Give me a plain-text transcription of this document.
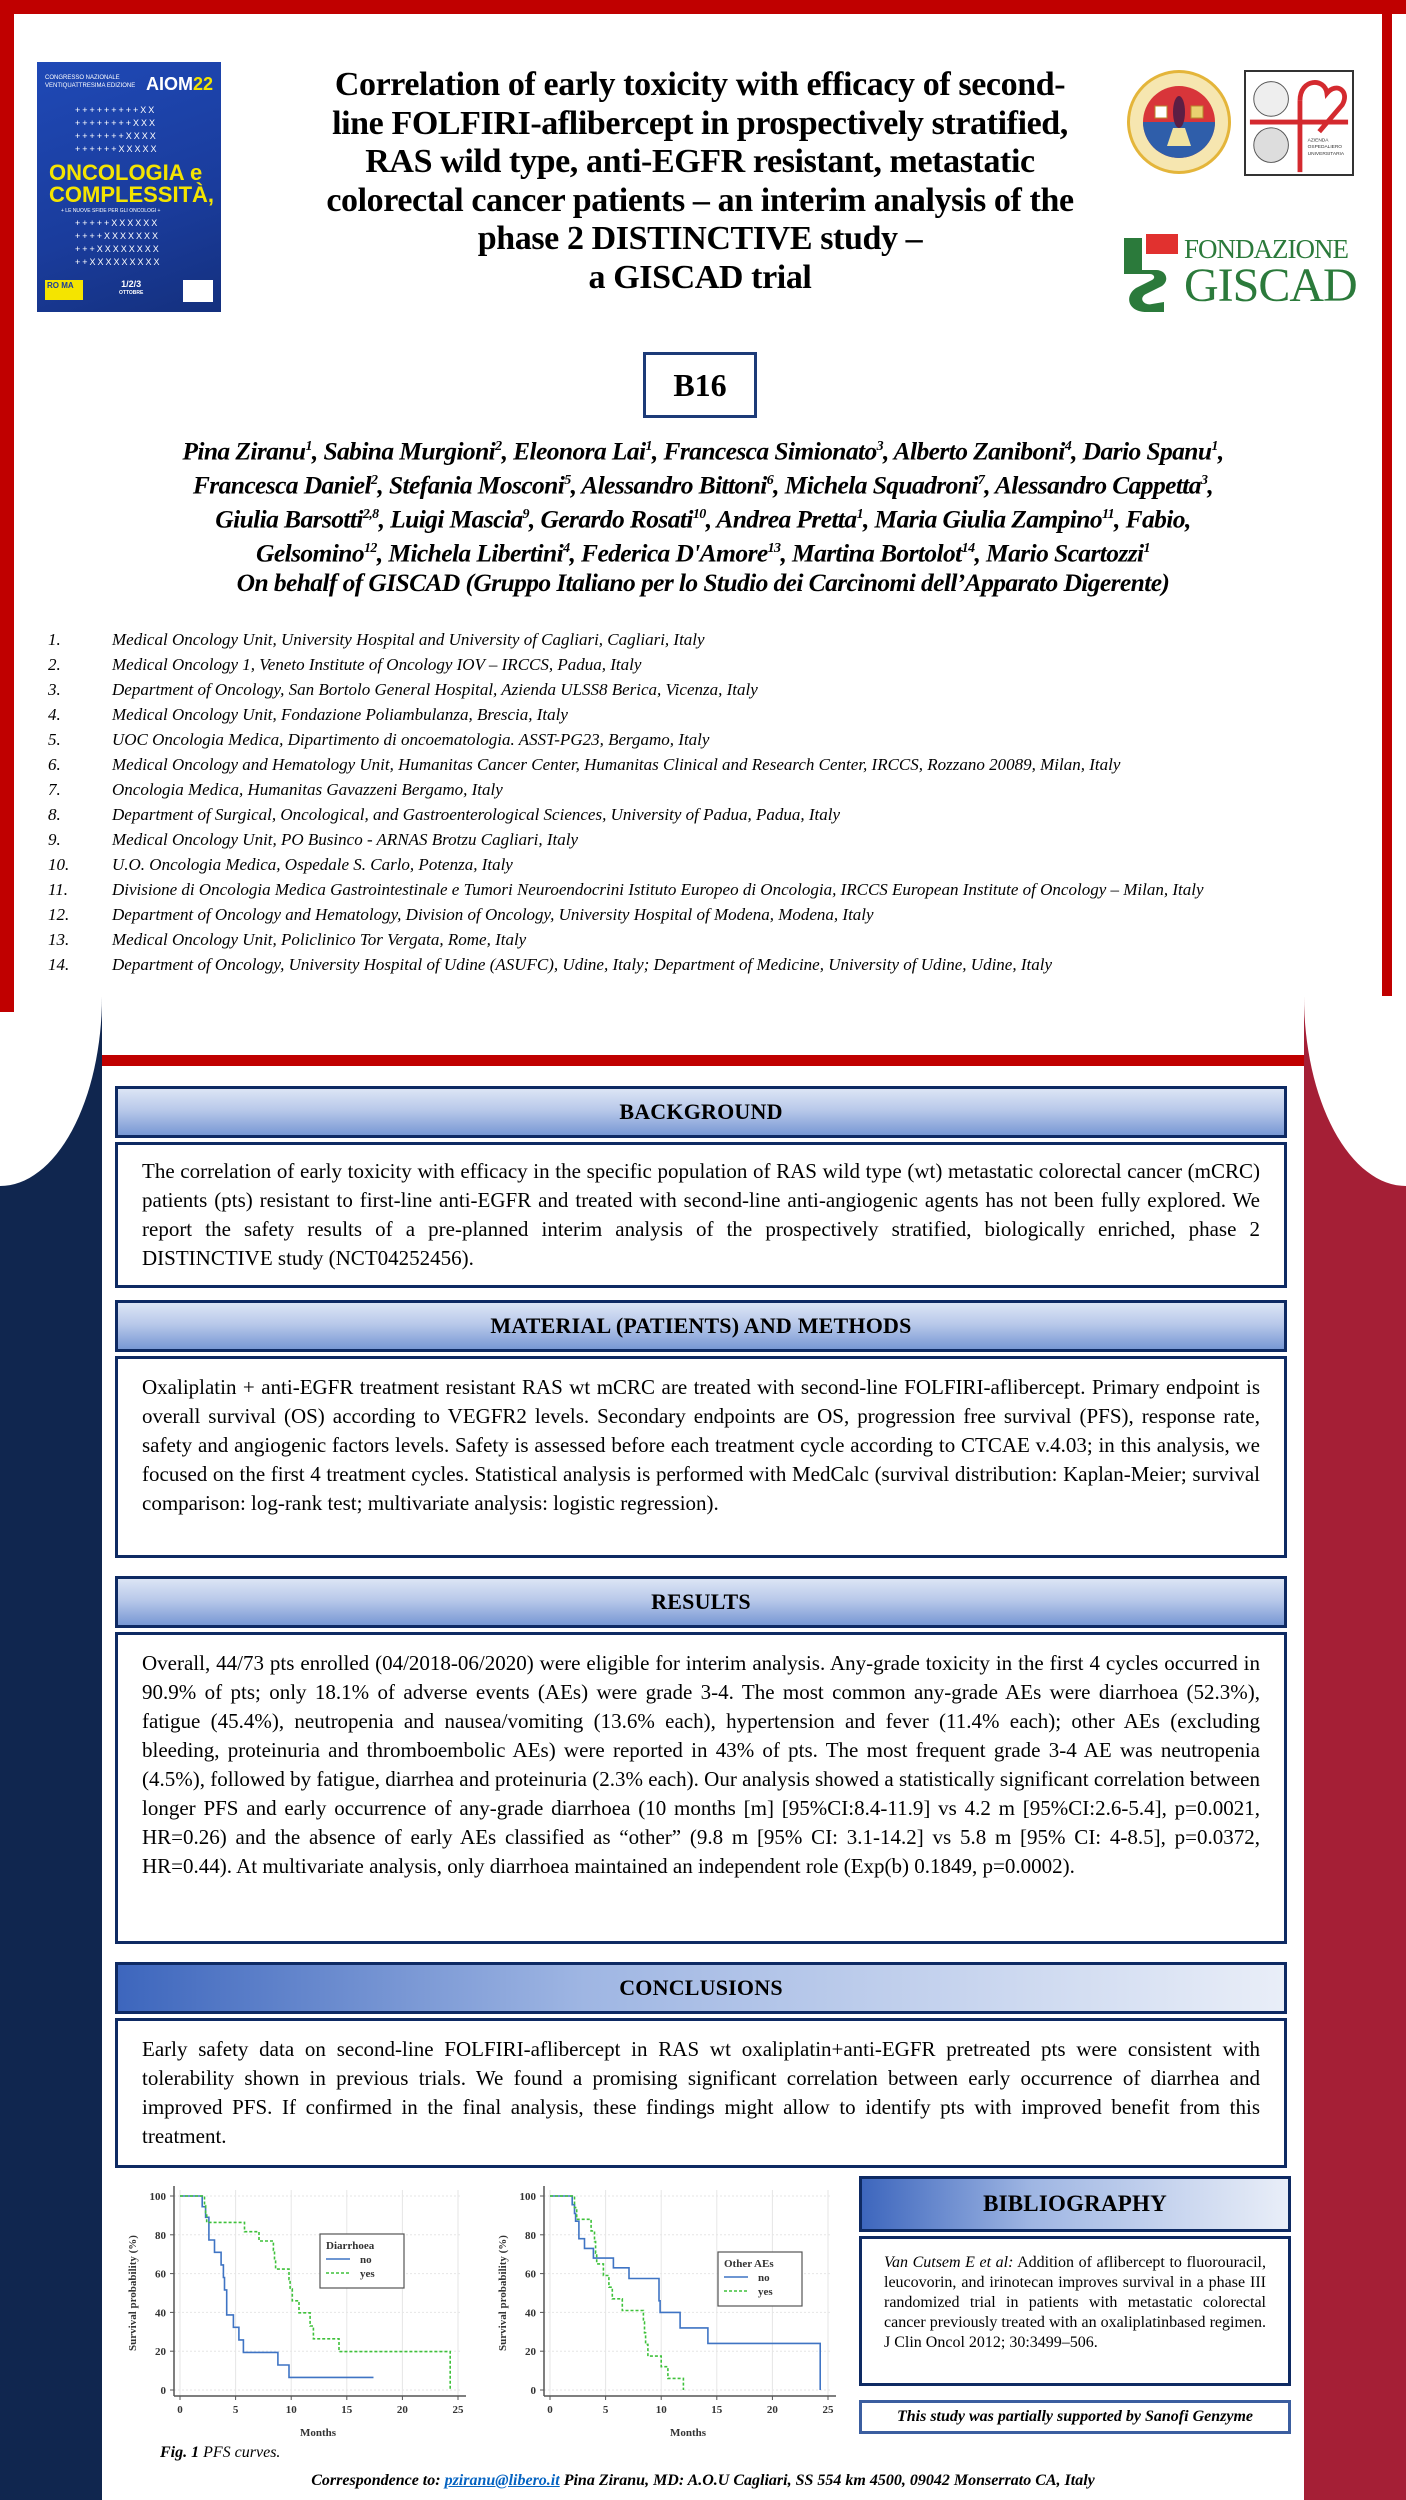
CONGRESSO NAZIONALE
VENTIQUATTRESIMA EDIZIONE AIOM22
+++++++++XX
++++++++XXX
+++++++XXXX
++++++XXXXX
ONCOLOGIA e
COMPLESSITÀ,
+ LE NUOVE SFIDE PER GLI ONCOLOGI +
+++++XXXXXX
++++XXXXXXX
+++XXXXXXXX
++XXXXXXXXX
RO MA	1/2/3
OTTOBRE
Correlation of early toxicity with efficacy of second-
line FOLFIRI-aflibercept in prospectively stratified,
RAS wild type, anti-EGFR resistant, metastatic
colorectal cancer patients – an interim analysis of the
phase 2 DISTINCTIVE study –
a GISCAD trial
AZIENDA
OSPEDALIERO
UNIVERSITARIA
FONDAZIONE
GISCAD
B16
Pina Ziranu$^1$, Sabina Murgioni$^2$, Eleonora Lai$^1$, Francesca Simionato$^3$, Alberto Zaniboni$^4$, Dario Spanu$^1$,
Francesca Daniel$^2$, Stefania Mosconi$^5$, Alessandro Bittoni$^6$, Michela Squadroni$^7$, Alessandro Cappetta$^3$,
Giulia Barsotti$^{2,8}$, Luigi Mascia$^9$, Gerardo Rosati$^{10}$, Andrea Pretta$^1$, Maria Giulia Zampino$^{11}$, Fabio,
Gelsomino$^{12}$, Michela Libertini$^4$, Federica D'Amore$^{13}$, Martina Bortolot$^{14}$, Mario Scartozzi$^1$
On behalf of GISCAD (Gruppo Italiano per lo Studio dei Carcinomi dell’Apparato Digerente)
1.	Medical Oncology Unit, University Hospital and University of Cagliari, Cagliari, Italy
2.	Medical Oncology 1, Veneto Institute of Oncology IOV – IRCCS, Padua, Italy
3.	Department of Oncology, San Bortolo General Hospital, Azienda ULSS8 Berica, Vicenza, Italy
4.	Medical Oncology Unit, Fondazione Poliambulanza, Brescia, Italy
5.	UOC Oncologia Medica, Dipartimento di oncoematologia. ASST-PG23, Bergamo, Italy
6.	Medical Oncology and Hematology Unit, Humanitas Cancer Center, Humanitas Clinical and Research Center, IRCCS, Rozzano 20089, Milan, Italy
7.	Oncologia Medica, Humanitas Gavazzeni Bergamo, Italy
8.	Department of Surgical, Oncological, and Gastroenterological Sciences, University of Padua, Padua, Italy
9.	Medical Oncology Unit, PO Businco - ARNAS Brotzu Cagliari, Italy
10.	U.O. Oncologia Medica, Ospedale S. Carlo, Potenza, Italy
11.	Divisione di Oncologia Medica Gastrointestinale e Tumori Neuroendocrini Istituto Europeo di Oncologia, IRCCS European Institute of Oncology – Milan, Italy
12.	Department of Oncology and Hematology, Division of Oncology, University Hospital of Modena, Modena, Italy
13.	Medical Oncology Unit, Policlinico Tor Vergata, Rome, Italy
14.	Department of Oncology, University Hospital of Udine (ASUFC), Udine, Italy; Department of Medicine, University of Udine, Udine, Italy
BACKGROUND
The correlation of early toxicity with efficacy in the specific population of RAS wild type (wt) metastatic colorectal cancer (mCRC) patients (pts) resistant to first-line anti-EGFR and treated with second-line anti-angiogenic agents has not been fully explored. We report the safety results of a pre-planned interim analysis of the prospectively stratified, biologically enriched, phase 2 DISTINCTIVE study (NCT04252456).
MATERIAL (PATIENTS) AND METHODS
Oxaliplatin + anti-EGFR treatment resistant RAS wt mCRC are treated with second-line FOLFIRI-aflibercept. Primary endpoint is overall survival (OS) according to VEGFR2 levels. Secondary endpoints are OS, progression free survival (PFS), response rate, safety and angiogenic factors levels. Safety is assessed before each treatment cycle according to CTCAE v.4.03; in this analysis, we focused on the first 4 treatment cycles. Statistical analysis is performed with MedCalc (survival distribution: Kaplan-Meier; survival comparison: log-rank test; multivariate analysis: logistic regression).
RESULTS
Overall, 44/73 pts enrolled (04/2018-06/2020) were eligible for interim analysis. Any-grade toxicity in the first 4 cycles occurred in 90.9% of pts; only 18.1% of adverse events (AEs) were grade 3-4. The most common any-grade AEs were diarrhoea (52.3%), fatigue (45.4%), neutropenia and nausea/vomiting (13.6% each), hypertension and fever (11.4% each); other AEs (excluding bleeding, proteinuria and thromboembolic AEs) were reported in 43% of pts. The most frequent grade 3-4 AE was neutropenia (4.5%), followed by fatigue, diarrhea and proteinuria (2.3% each). Our analysis showed a statistically significant correlation between longer PFS and early occurrence of any-grade diarrhoea (10 months [m] [95%CI:8.4-11.9] vs 4.2 m [95%CI:2.6-5.4], p=0.0021, HR=0.26) and the absence of early AEs classified as “other” (9.8 m [95% CI: 3.1-14.2] vs 5.8 m [95% CI: 4-8.5], p=0.0372, HR=0.44). At multivariate analysis, only diarrhoea maintained an independent role (Exp(b) 0.1849, p=0.0002).
CONCLUSIONS
Early safety data on second-line FOLFIRI-aflibercept in RAS wt oxaliplatin+anti-EGFR pretreated pts were consistent with tolerability shown in previous trials. We found a promising significant correlation between early occurrence of diarrhea and improved PFS. If confirmed in the final analysis, these findings might allow to identify pts with improved benefit from this treatment.
0
20
40
60
80
100
0	5	10	15	20	25
Months
Survival probability (%)	Diarrhoea
no
yes
0
20
40
60
80
100
0	5	10	15	20	25
Months
Survival probability (%)	Other AEs
no
yes
Fig. 1 PFS curves.
BIBLIOGRAPHY
Van Cutsem E et al: Addition of aflibercept to fluorouracil, leucovorin, and irinotecan improves survival in a phase III randomized trial in patients with metastatic colorectal cancer previously treated with an oxaliplatinbased regimen. J Clin Oncol 2012; 30:3499–506.
This study was partially supported by Sanofi Genzyme
Correspondence to: pziranu@libero.it Pina Ziranu, MD: A.O.U Cagliari, SS 554 km 4500, 09042 Monserrato CA, Italy
